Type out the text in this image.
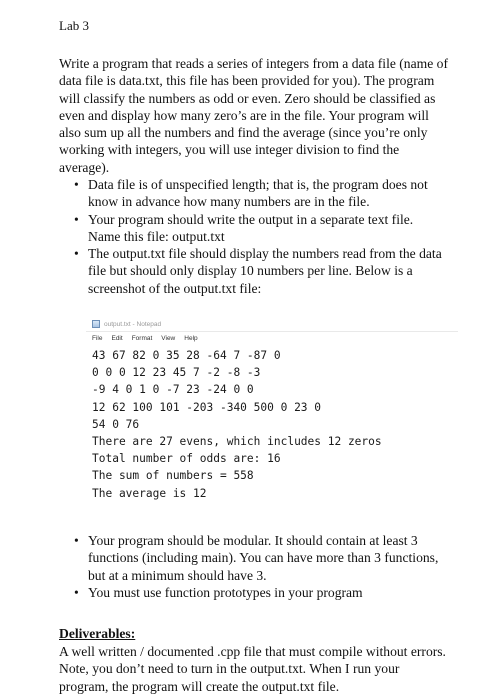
Lab 3

Write a program that reads a series of integers from a data file (name of data file is data.txt, this file has been provided for you). The program will classify the numbers as odd or even. Zero should be classified as even and display how many zero’s are in the file. Your program will also sum up all the numbers and find the average (since you’re only working with integers, you will use integer division to find the average).

• Data file is of unspecified length; that is, the program does not know in advance how many numbers are in the file.
• Your program should write the output in a separate text file. Name this file: output.txt
• The output.txt file should display the numbers read from the data file but should only display 10 numbers per line. Below is a screenshot of the output.txt file:
output.txt - Notepad
File Edit Format View Help
43 67 82 0 35 28 -64 7 -87 0
0 0 0 12 23 45 7 -2 -8 -3
-9 4 0 1 0 -7 23 -24 0 0
12 62 100 101 -203 -340 500 0 23 0
54 0 76
There are 27 evens, which includes 12 zeros
Total number of odds are: 16
The sum of numbers = 558
The average is 12
• Your program should be modular. It should contain at least 3 functions (including main). You can have more than 3 functions, but at a minimum should have 3.
• You must use function prototypes in your program
Deliverables:

A well written / documented .cpp file that must compile without errors. Note, you don’t need to turn in the output.txt. When I run your program, the program will create the output.txt file.
